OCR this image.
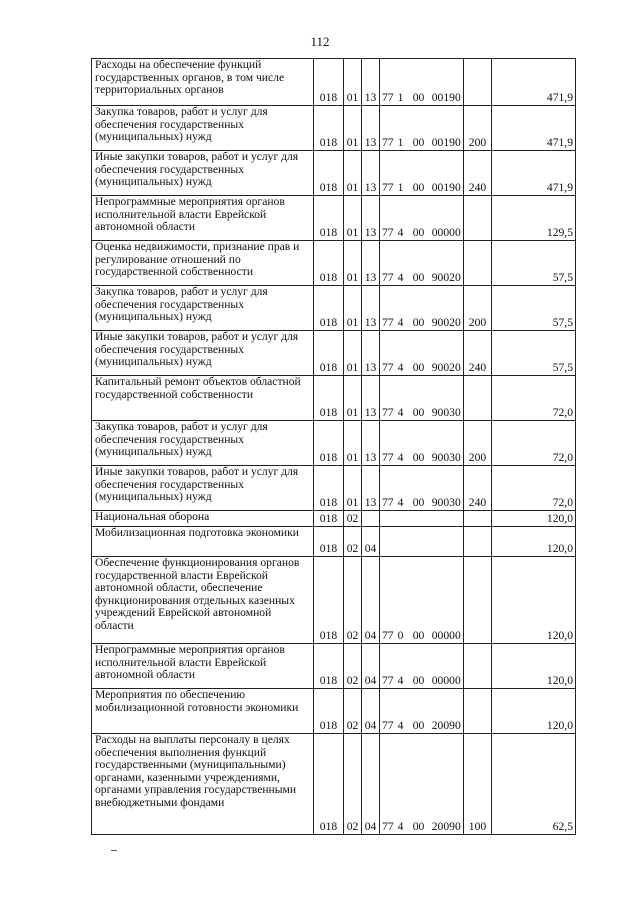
112
Расходы на обеспечение функций государственных органов, в том числе территориальных органов	018	01	13	77	1	00	00190		471,9
Закупка товаров, работ и услуг для обеспечения государственных (муниципальных) нужд	018	01	13	77	1	00	00190	200	471,9
Иные закупки товаров, работ и услуг для обеспечения государственных (муниципальных) нужд	018	01	13	77	1	00	00190	240	471,9
Непрограммные мероприятия органов исполнительной власти Еврейской автономной области	018	01	13	77	4	00	00000		129,5
Оценка недвижимости, признание прав и регулирование отношений по государственной собственности	018	01	13	77	4	00	90020		57,5
Закупка товаров, работ и услуг для обеспечения государственных (муниципальных) нужд	018	01	13	77	4	00	90020	200	57,5
Иные закупки товаров, работ и услуг для обеспечения государственных (муниципальных) нужд	018	01	13	77	4	00	90020	240	57,5
Капитальный ремонт объектов областной государственной собственности	018	01	13	77	4	00	90030		72,0
Закупка товаров, работ и услуг для обеспечения государственных (муниципальных) нужд	018	01	13	77	4	00	90030	200	72,0
Иные закупки товаров, работ и услуг для обеспечения государственных (муниципальных) нужд	018	01	13	77	4	00	90030	240	72,0
Национальная оборона	018	02							120,0
Мобилизационная подготовка экономики	018	02	04						120,0
Обеспечение функционирования органов государственной власти Еврейской автономной области, обеспечение функционирования отдельных казенных учреждений Еврейской автономной области	018	02	04	77	0	00	00000		120,0
Непрограммные мероприятия органов исполнительной власти Еврейской автономной области	018	02	04	77	4	00	00000		120,0
Мероприятия по обеспечению мобилизационной готовности экономики	018	02	04	77	4	00	20090		120,0
Расходы на выплаты персоналу в целях обеспечения выполнения функций государственными (муниципальными) органами, казенными учреждениями, органами управления государственными внебюджетными фондами	018	02	04	77	4	00	20090	100	62,5
